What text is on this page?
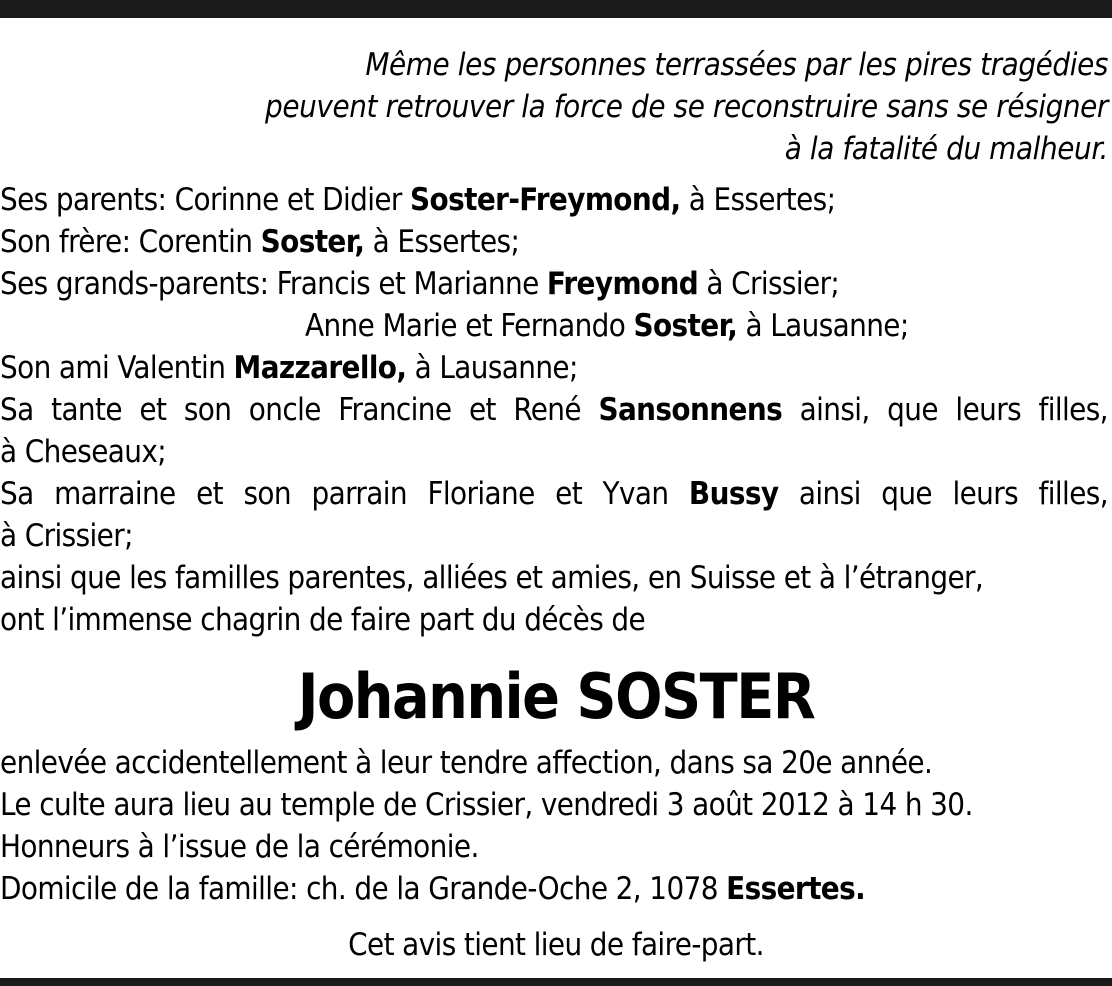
Même les personnes terrassées par les pires tragédies
peuvent retrouver la force de se reconstruire sans se résigner
à la fatalité du malheur.
Ses parents: Corinne et Didier Soster-Freymond, à Essertes;
Son frère: Corentin Soster, à Essertes;
Ses grands-parents: Francis et Marianne Freymond à Crissier;
Anne Marie et Fernando Soster, à Lausanne;
Son ami Valentin Mazzarello, à Lausanne;
Sa tante et son oncle Francine et René Sansonnens ainsi, que leurs filles,
à Cheseaux;
Sa marraine et son parrain Floriane et Yvan Bussy ainsi que leurs filles,
à Crissier;
ainsi que les familles parentes, alliées et amies, en Suisse et à l’étranger,
ont l’immense chagrin de faire part du décès de
Johannie SOSTER
enlevée accidentellement à leur tendre affection, dans sa 20e année.
Le culte aura lieu au temple de Crissier, vendredi 3 août 2012 à 14 h 30.
Honneurs à l’issue de la cérémonie.
Domicile de la famille: ch. de la Grande-Oche 2, 1078 Essertes.
Cet avis tient lieu de faire-part.
